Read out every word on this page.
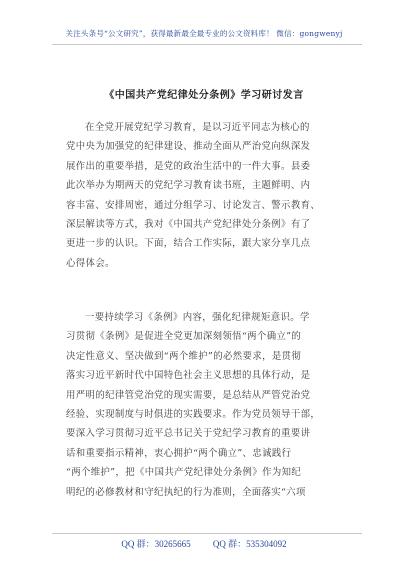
关注头条号“公文研究”，获得最新最全最专业的公文资料库！ 微信：gongwenyj
《中国共产党纪律处分条例》学习研讨发言
在全党开展党纪学习教育，是以习近平同志为核心的
党中央为加强党的纪律建设、推动全面从严治党向纵深发
展作出的重要举措，是党的政治生活中的一件大事。县委
此次举办为期两天的党纪学习教育读书班，主题鲜明、内
容丰富、安排周密，通过分组学习、讨论发言、警示教育、
深层解读等方式，我对《中国共产党纪律处分条例》有了
更进一步的认识。下面，结合工作实际，跟大家分享几点
心得体会。
一要持续学习《条例》内容，强化纪律规矩意识。学
习贯彻《条例》是促进全党更加深刻领悟“两个确立”的
决定性意义、坚决做到“两个维护”的必然要求，是贯彻
落实习近平新时代中国特色社会主义思想的具体行动，是
用严明的纪律管党治党的现实需要，是总结从严管党治党
经验、实现制度与时俱进的实践要求。作为党员领导干部，
要深入学习贯彻习近平总书记关于党纪学习教育的重要讲
话和重要指示精神，衷心拥护“两个确立”、忠诚践行
“两个维护”，把《中国共产党纪律处分条例》作为知纪
明纪的必修教材和守纪执纪的行为准则，全面落实“六项
QQ 群：30265665 QQ 群：535304092
